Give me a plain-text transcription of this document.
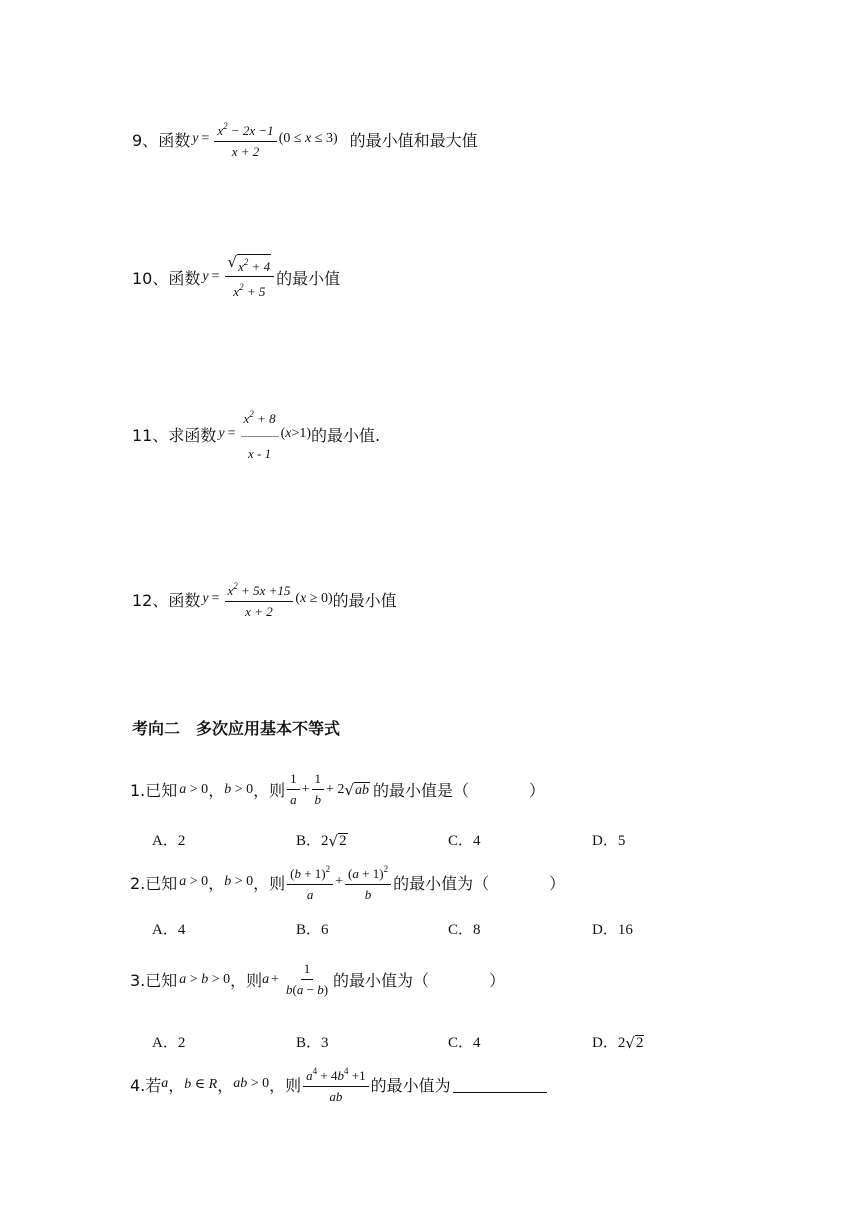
9、 函数 $y = \frac{x^2 - 2x -1}{x + 2} (0 \le x \le 3)$ 的最小值和最大值
10、 函数 $y = \frac{√ x^2 + 4}{x^2 + 5}$ 的最小值
11、 求函数 $y = \frac{x^2 + 8}{x - 1} (x>1)$ 的最小值.
12、 函数 $y = \frac{x^2 + 5x +15}{x + 2} (x \ge 0)$ 的最小值
考向二　多次应用基本不等式
1.已知 a > 0 ， b > 0 ，则 $\frac{1}{a} + \frac{1}{b} + 2$ √ ab 的最小值是（	）
A．2	B． 2 √ 2	C．4	D．5
2.已知 a > 0 ， b > 0 ，则 $\frac{(b + 1)^2}{a} + \frac{(a + 1)^2}{b}$ 的最小值为（	）
A．4	B．6	C．8	D．16
3.已知 a > b > 0 ，则 $a + \frac{1}{b(a - b)}$ 的最小值为（	）
A．2	B．3	C．4	D． 2 √ 2
4.若 a ， b ∈ R ， ab > 0 ，则 $\frac{a^4 + 4b^4 +1}{ab}$ 的最小值为
